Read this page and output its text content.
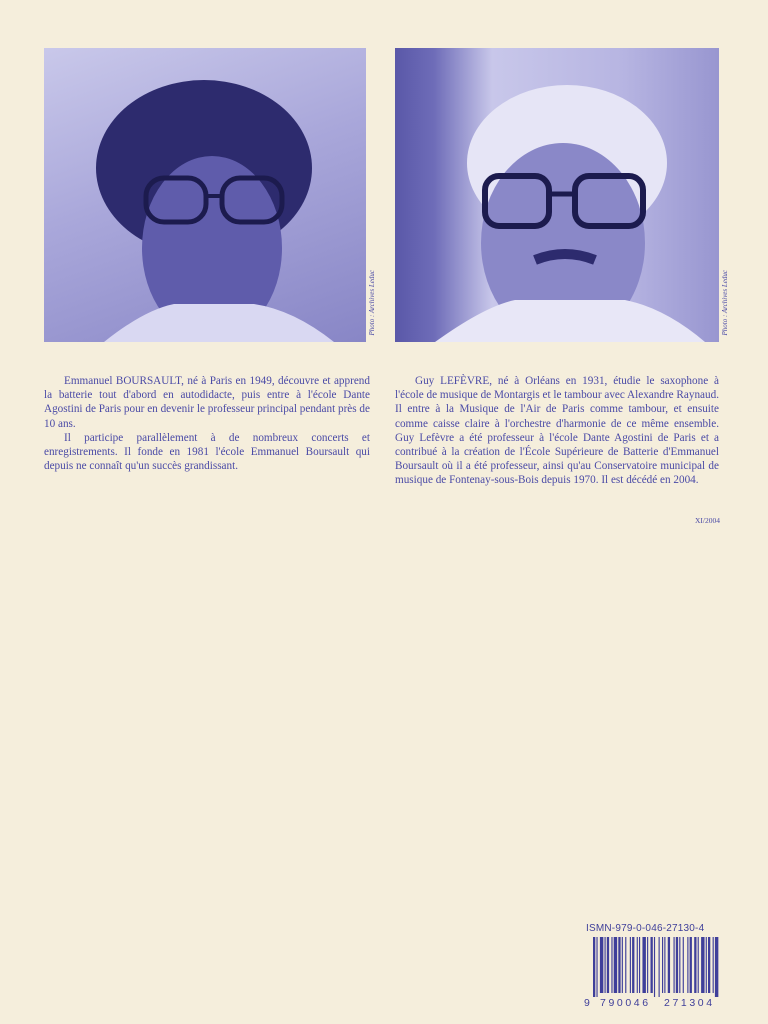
Photo : Archives Leduc	Photo : Archives Leduc

Emmanuel BOURSAULT, né à Paris en 1949, découvre et apprend la batterie tout d'abord en autodidacte, puis entre à l'école Dante Agostini de Paris pour en devenir le professeur principal pendant près de 10 ans.

Il participe parallèlement à de nombreux concerts et enregistrements. Il fonde en 1981 l'école Emmanuel Boursault qui depuis ne connaît qu'un succès grandissant.

Guy LEFÈVRE, né à Orléans en 1931, étudie le saxophone à l'école de musique de Montargis et le tambour avec Alexandre Raynaud. Il entre à la Musique de l'Air de Paris comme tambour, et ensuite comme caisse claire à l'orchestre d'harmonie de ce même ensemble. Guy Lefèvre a été professeur à l'école Dante Agostini de Paris et a contribué à la création de l'École Supérieure de Batterie d'Emmanuel Boursault où il a été professeur, ainsi qu'au Conservatoire municipal de musique de Fontenay-sous-Bois depuis 1970. Il est décédé en 2004.

XI/2004
ISMN-979-0-046-27130-4
9 790046 271304
